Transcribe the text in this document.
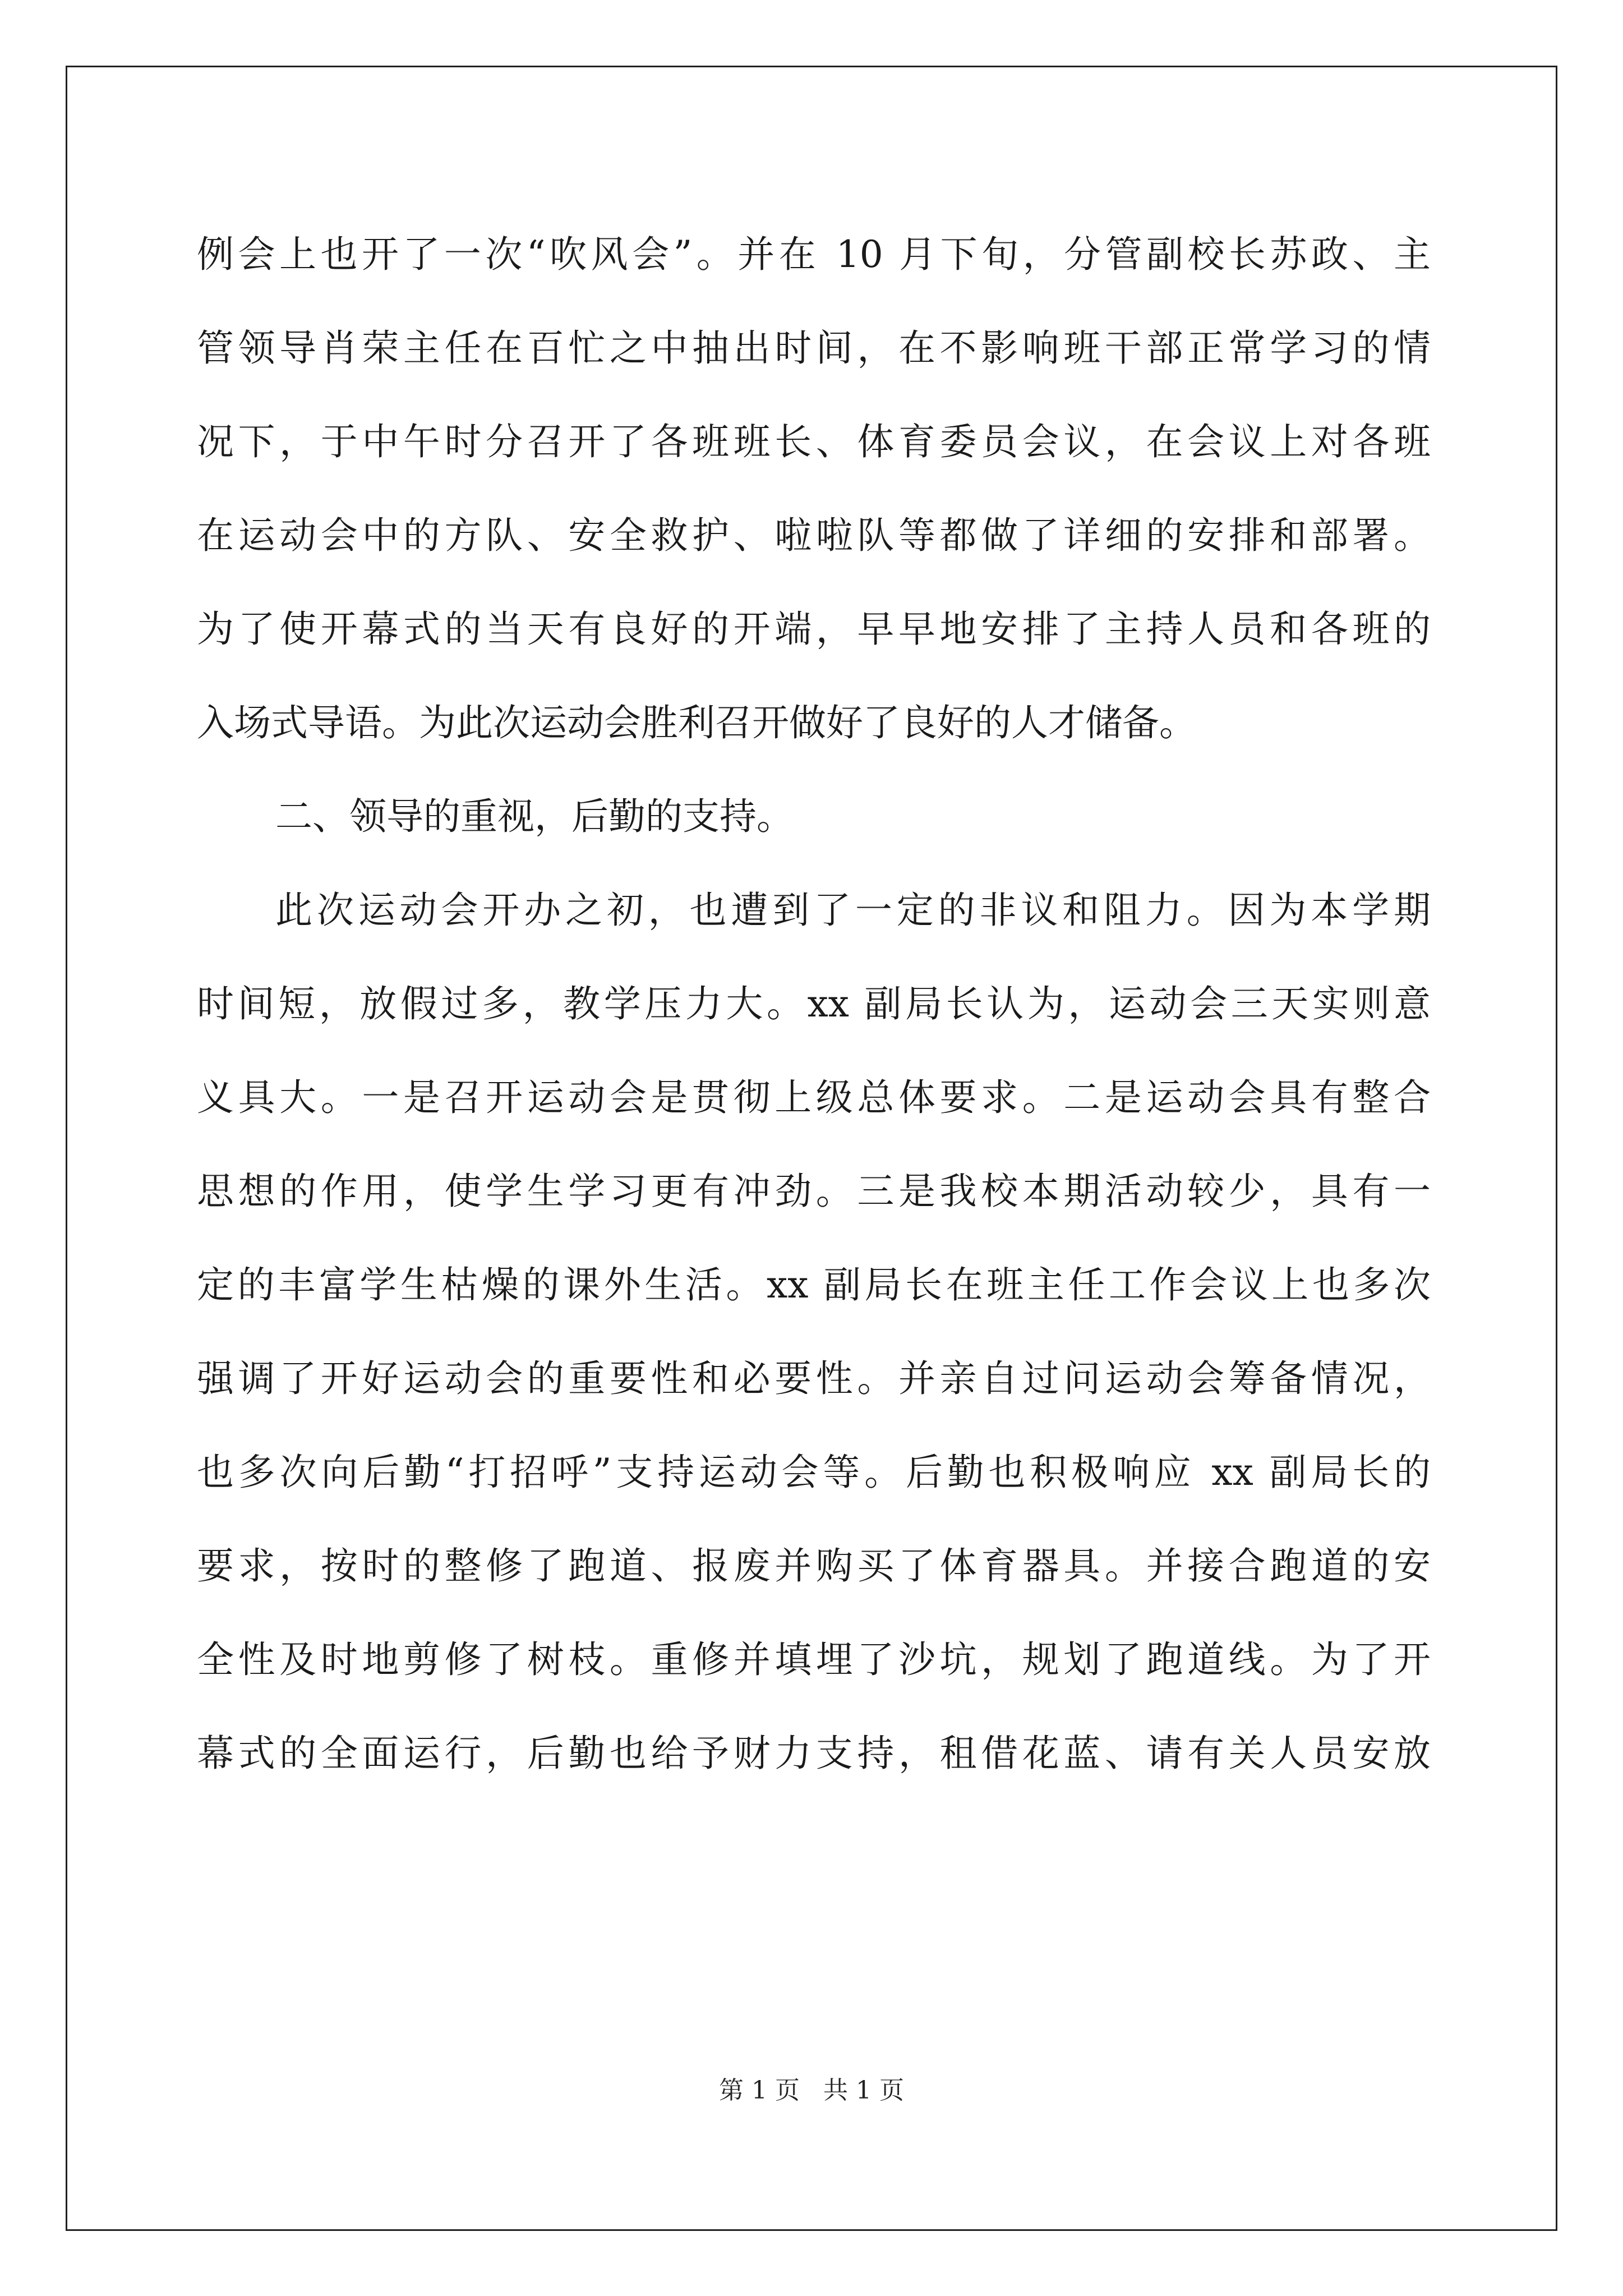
例会上也开了一次“吹风会”。并在 10 月下旬，分管副校长苏政、主
管领导肖荣主任在百忙之中抽出时间，在不影响班干部正常学习的情
况下，于中午时分召开了各班班长、体育委员会议，在会议上对各班
在运动会中的方队、安全救护、啦啦队等都做了详细的安排和部署。
为了使开幕式的当天有良好的开端，早早地安排了主持人员和各班的
入场式导语。为此次运动会胜利召开做好了良好的人才储备。
二、领导的重视，后勤的支持。
此次运动会开办之初，也遭到了一定的非议和阻力。因为本学期
时间短，放假过多，教学压力大。xx 副局长认为，运动会三天实则意
义具大。一是召开运动会是贯彻上级总体要求。二是运动会具有整合
思想的作用，使学生学习更有冲劲。三是我校本期活动较少，具有一
定的丰富学生枯燥的课外生活。xx 副局长在班主任工作会议上也多次
强调了开好运动会的重要性和必要性。并亲自过问运动会筹备情况，
也多次向后勤“打招呼”支持运动会等。后勤也积极响应 xx 副局长的
要求，按时的整修了跑道、报废并购买了体育器具。并接合跑道的安
全性及时地剪修了树枝。重修并填埋了沙坑，规划了跑道线。为了开
幕式的全面运行，后勤也给予财力支持，租借花蓝、请有关人员安放
第 1 页   共 1 页
